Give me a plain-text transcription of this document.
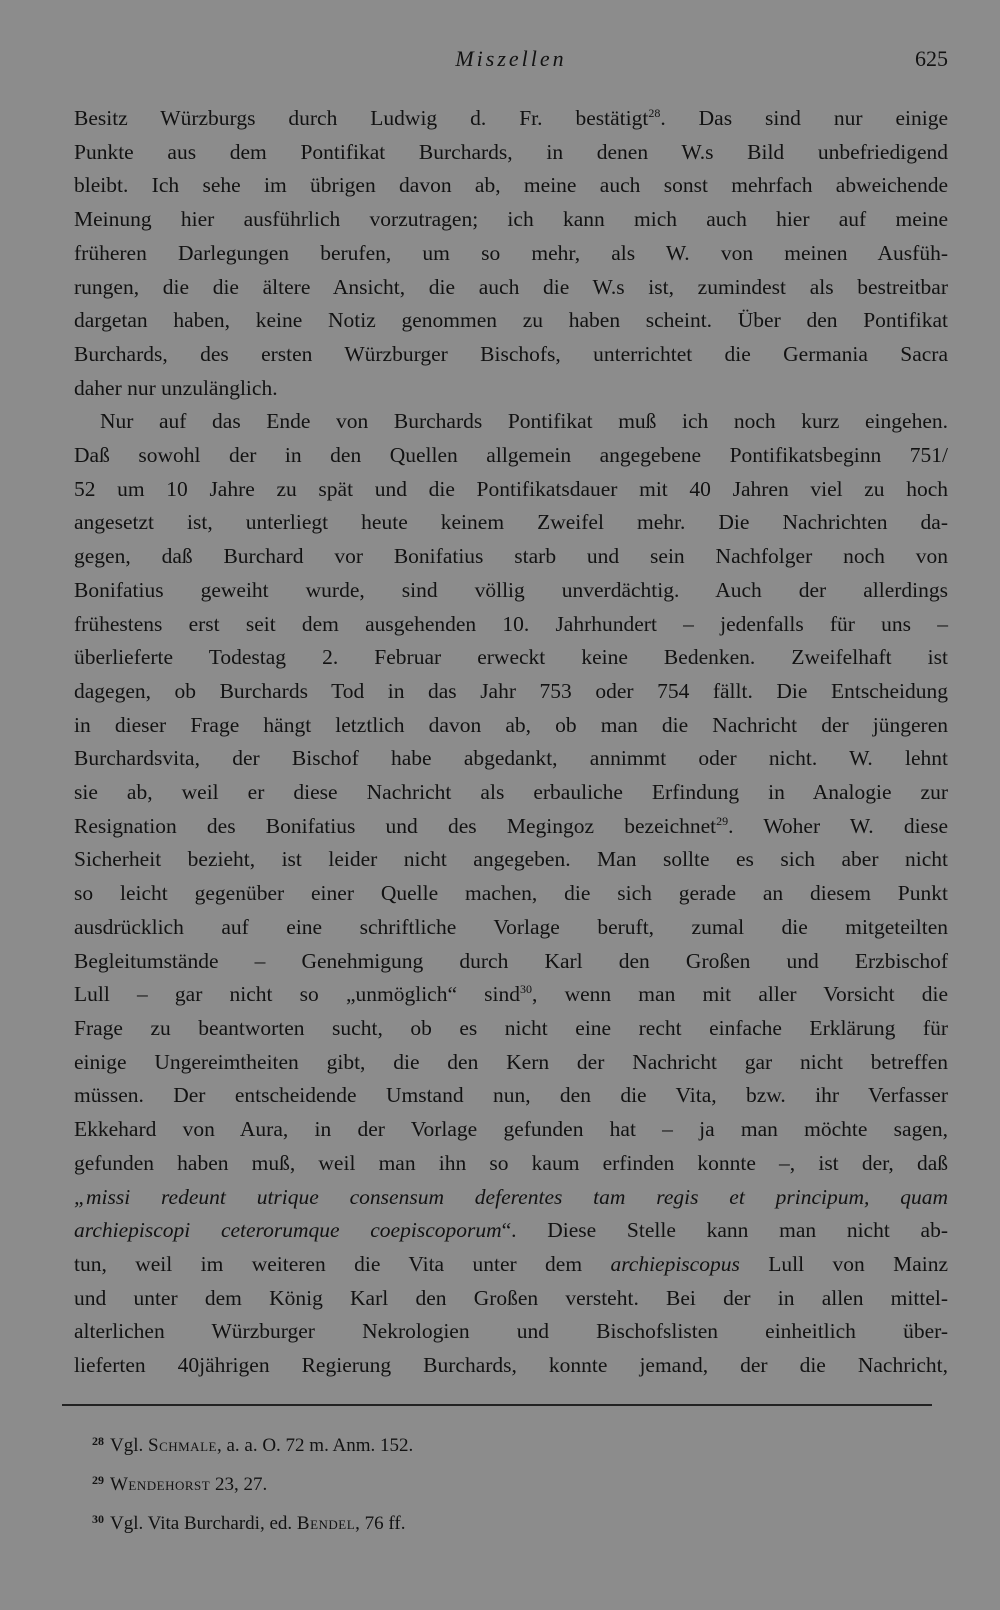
Miszellen	625
Besitz Würzburgs durch Ludwig d. Fr. bestätigt$^{28}$. Das sind nur einige
Punkte aus dem Pontifikat Burchards, in denen W.s Bild unbefriedigend
bleibt. Ich sehe im übrigen davon ab, meine auch sonst mehrfach abweichende
Meinung hier ausführlich vorzutragen; ich kann mich auch hier auf meine
früheren Darlegungen berufen, um so mehr, als W. von meinen Ausfüh-
rungen, die die ältere Ansicht, die auch die W.s ist, zumindest als bestreitbar
dargetan haben, keine Notiz genommen zu haben scheint. Über den Pontifikat
Burchards, des ersten Würzburger Bischofs, unterrichtet die Germania Sacra
daher nur unzulänglich.
Nur auf das Ende von Burchards Pontifikat muß ich noch kurz eingehen.
Daß sowohl der in den Quellen allgemein angegebene Pontifikatsbeginn 751/
52 um 10 Jahre zu spät und die Pontifikatsdauer mit 40 Jahren viel zu hoch
angesetzt ist, unterliegt heute keinem Zweifel mehr. Die Nachrichten da-
gegen, daß Burchard vor Bonifatius starb und sein Nachfolger noch von
Bonifatius geweiht wurde, sind völlig unverdächtig. Auch der allerdings
frühestens erst seit dem ausgehenden 10. Jahrhundert – jedenfalls für uns –
überlieferte Todestag 2. Februar erweckt keine Bedenken. Zweifelhaft ist
dagegen, ob Burchards Tod in das Jahr 753 oder 754 fällt. Die Entscheidung
in dieser Frage hängt letztlich davon ab, ob man die Nachricht der jüngeren
Burchardsvita, der Bischof habe abgedankt, annimmt oder nicht. W. lehnt
sie ab, weil er diese Nachricht als erbauliche Erfindung in Analogie zur
Resignation des Bonifatius und des Megingoz bezeichnet$^{29}$. Woher W. diese
Sicherheit bezieht, ist leider nicht angegeben. Man sollte es sich aber nicht
so leicht gegenüber einer Quelle machen, die sich gerade an diesem Punkt
ausdrücklich auf eine schriftliche Vorlage beruft, zumal die mitgeteilten
Begleitumstände – Genehmigung durch Karl den Großen und Erzbischof
Lull – gar nicht so „unmöglich“ sind$^{30}$, wenn man mit aller Vorsicht die
Frage zu beantworten sucht, ob es nicht eine recht einfache Erklärung für
einige Ungereimtheiten gibt, die den Kern der Nachricht gar nicht betreffen
müssen. Der entscheidende Umstand nun, den die Vita, bzw. ihr Verfasser
Ekkehard von Aura, in der Vorlage gefunden hat – ja man möchte sagen,
gefunden haben muß, weil man ihn so kaum erfinden konnte –, ist der, daß
„missi redeunt utrique consensum deferentes tam regis et principum, quam
archiepiscopi ceterorumque coepiscoporum“. Diese Stelle kann man nicht ab-
tun, weil im weiteren die Vita unter dem archiepiscopus Lull von Mainz
und unter dem König Karl den Großen versteht. Bei der in allen mittel-
alterlichen Würzburger Nekrologien und Bischofslisten einheitlich über-
lieferten 40jährigen Regierung Burchards, konnte jemand, der die Nachricht,
$^{28}$ Vgl. Schmale, a. a. O. 72 m. Anm. 152.
$^{29}$ Wendehorst 23, 27.
$^{30}$ Vgl. Vita Burchardi, ed. Bendel, 76 ff.
